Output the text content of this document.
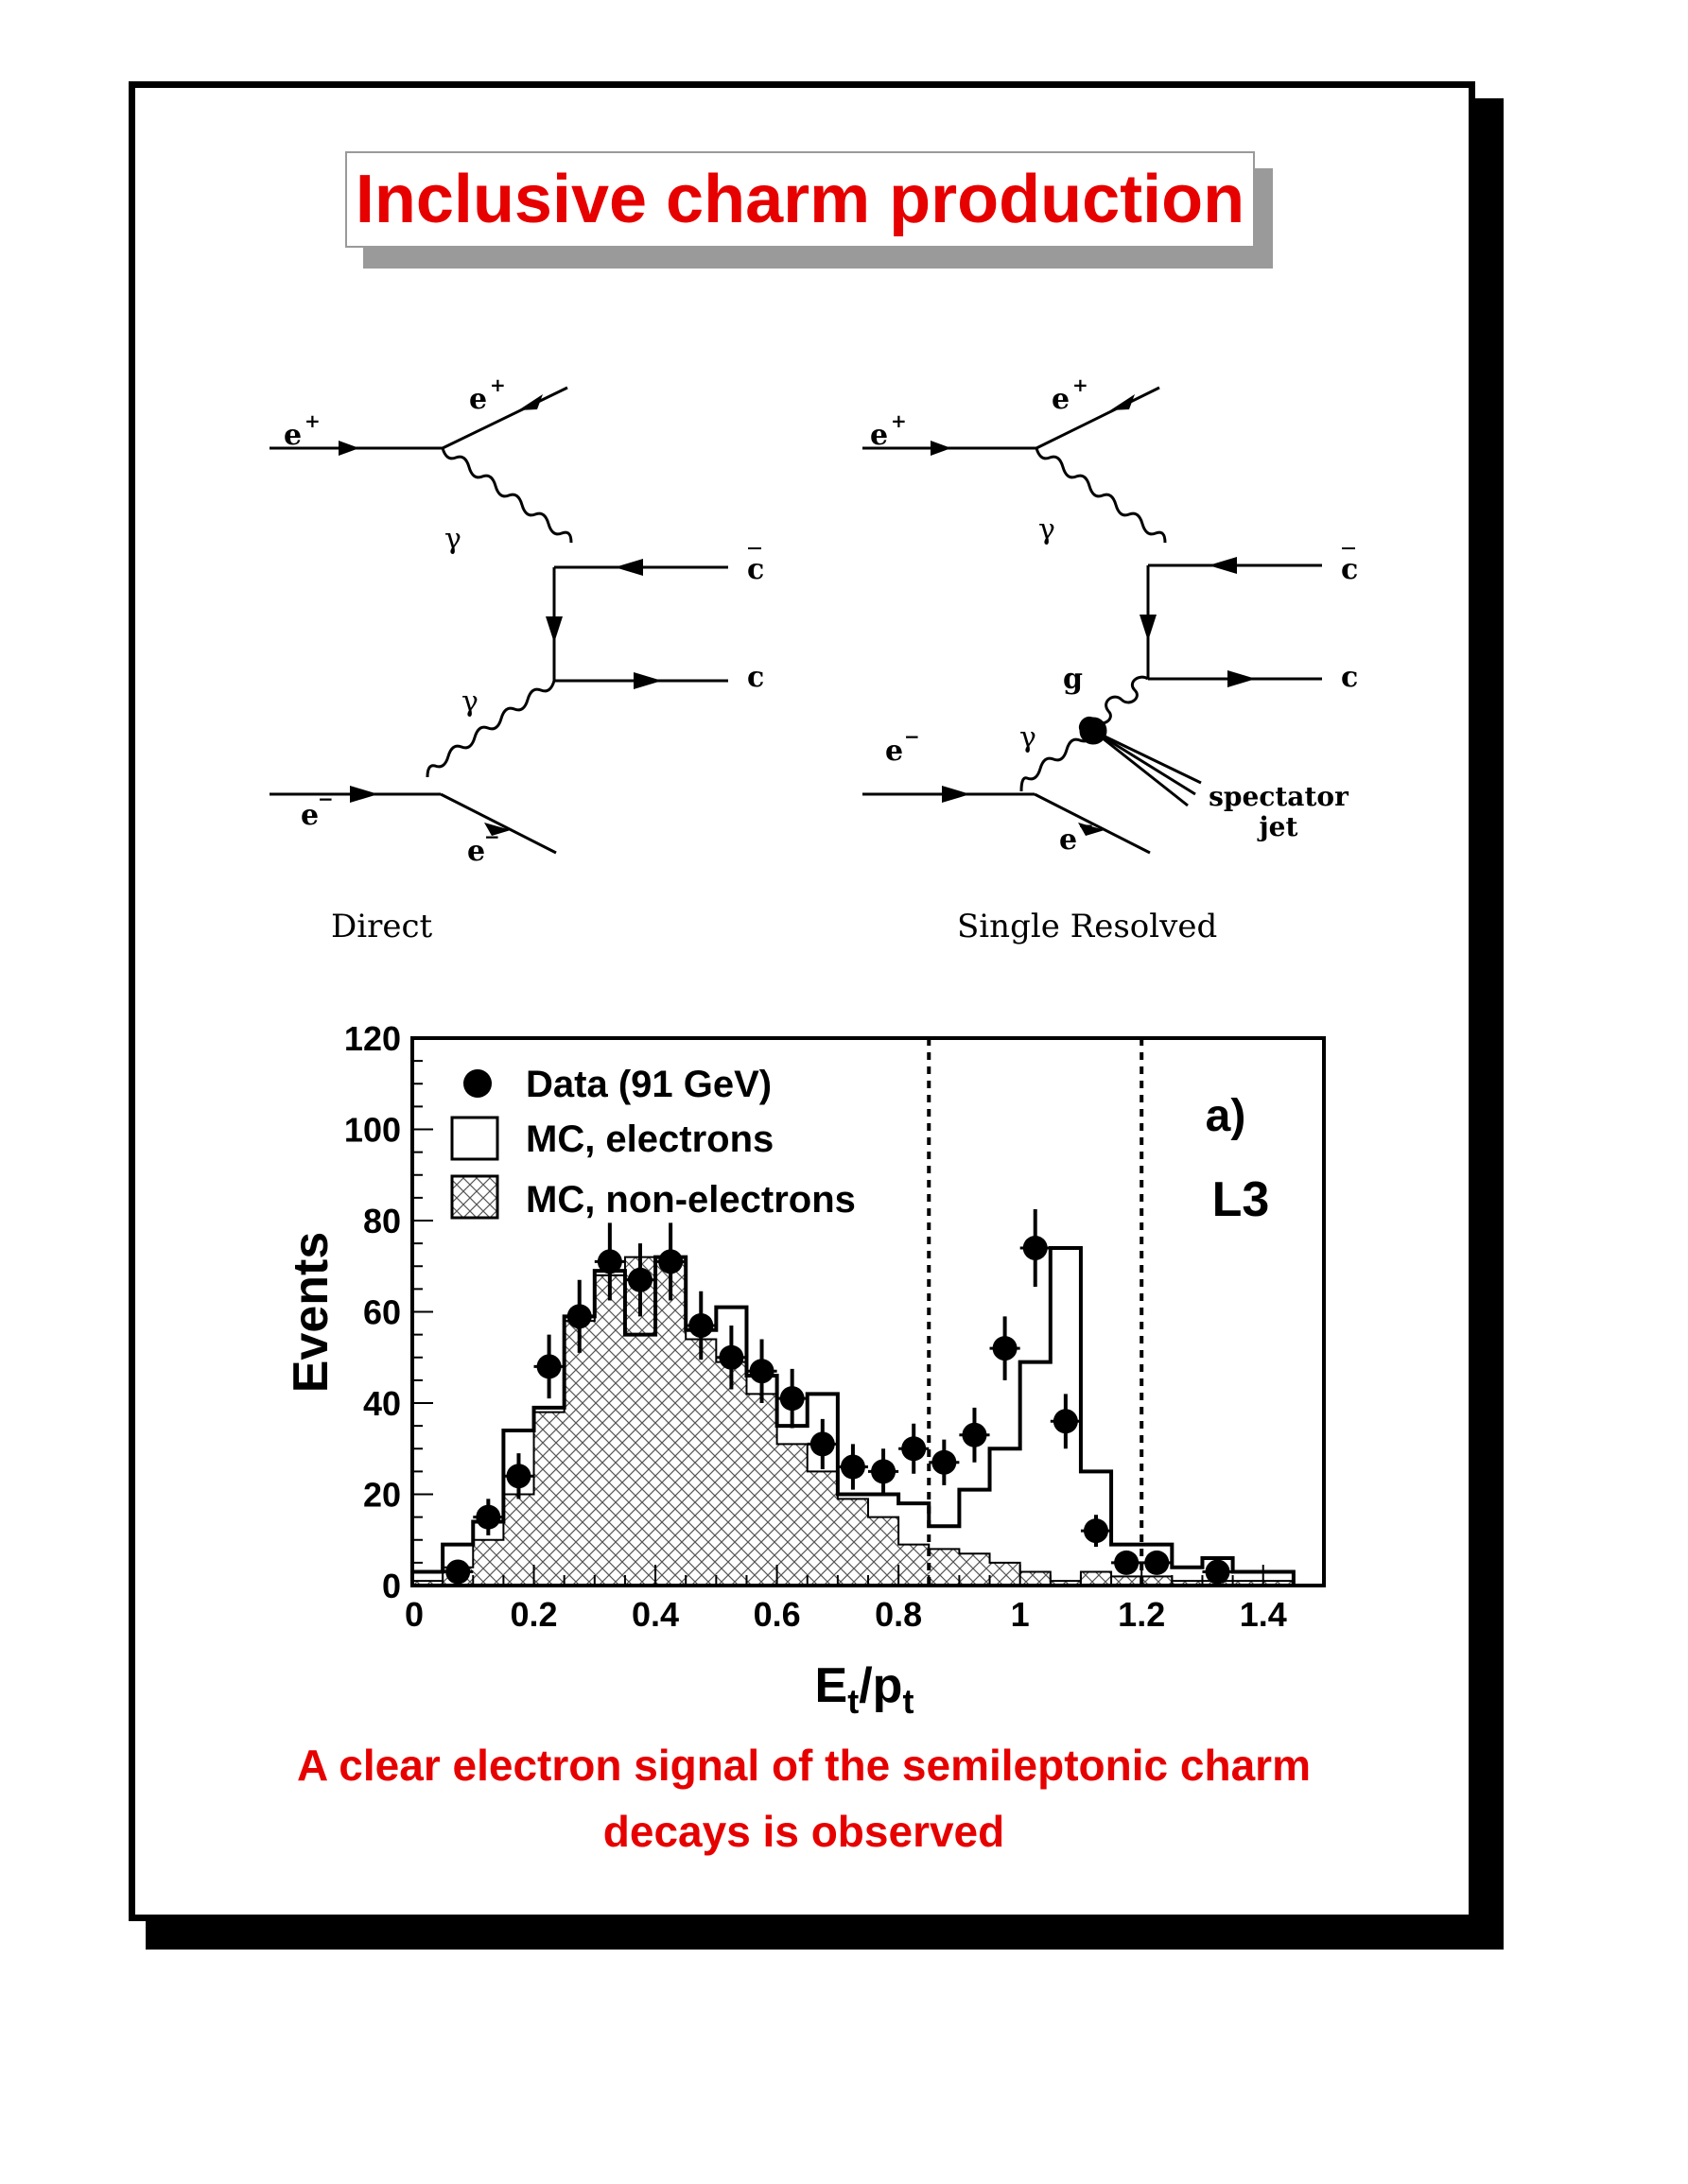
Inclusive charm production
e +
e +
γ
c
c
γ
e
−
e
−
e +
e +
γ
c
c
g
γ
e −
e −
spectator
jet
Direct	Single Resolved
0	0.2 0.4 0.6 0.8	1	1.2 1.4
0
20
40
60
80
100
120
Data (91 GeV)
MC, electrons
MC, non-electrons
a)
L3
Events
$E_t/p_t$
A clear electron signal of the semileptonic charm
decays is observed
